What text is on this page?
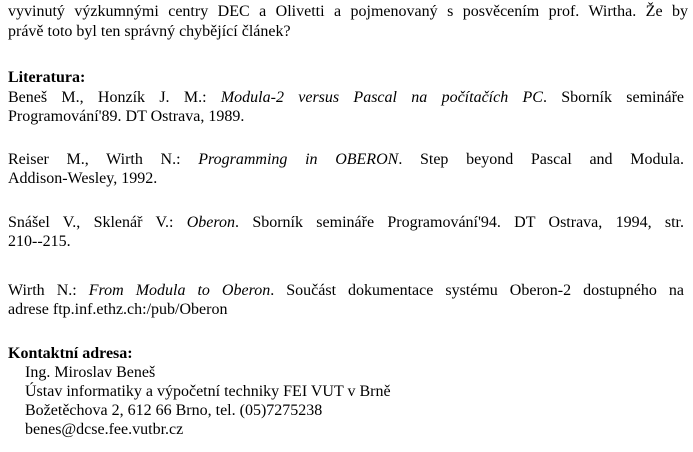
vyvinutý výzkumnými centry DEC a Olivetti a pojmenovaný s posvěcením prof. Wirtha. Že by
právě toto byl ten správný chybějící článek?
Literatura:
Beneš M., Honzík J. M.: Modula-2 versus Pascal na počítačích PC. Sborník semináře
Programování'89. DT Ostrava, 1989.
Reiser M., Wirth N.: Programming in OBERON. Step beyond Pascal and Modula.
Addison-Wesley, 1992.
Snášel V., Sklenář V.: Oberon. Sborník semináře Programování'94. DT Ostrava, 1994, str.
210--215.
Wirth N.: From Modula to Oberon. Součást dokumentace systému Oberon-2 dostupného na
adrese ftp.inf.ethz.ch:/pub/Oberon
Kontaktní adresa:
Ing. Miroslav Beneš
Ústav informatiky a výpočetní techniky FEI VUT v Brně
Božetěchova 2, 612 66 Brno, tel. (05)7275238
benes@dcse.fee.vutbr.cz
